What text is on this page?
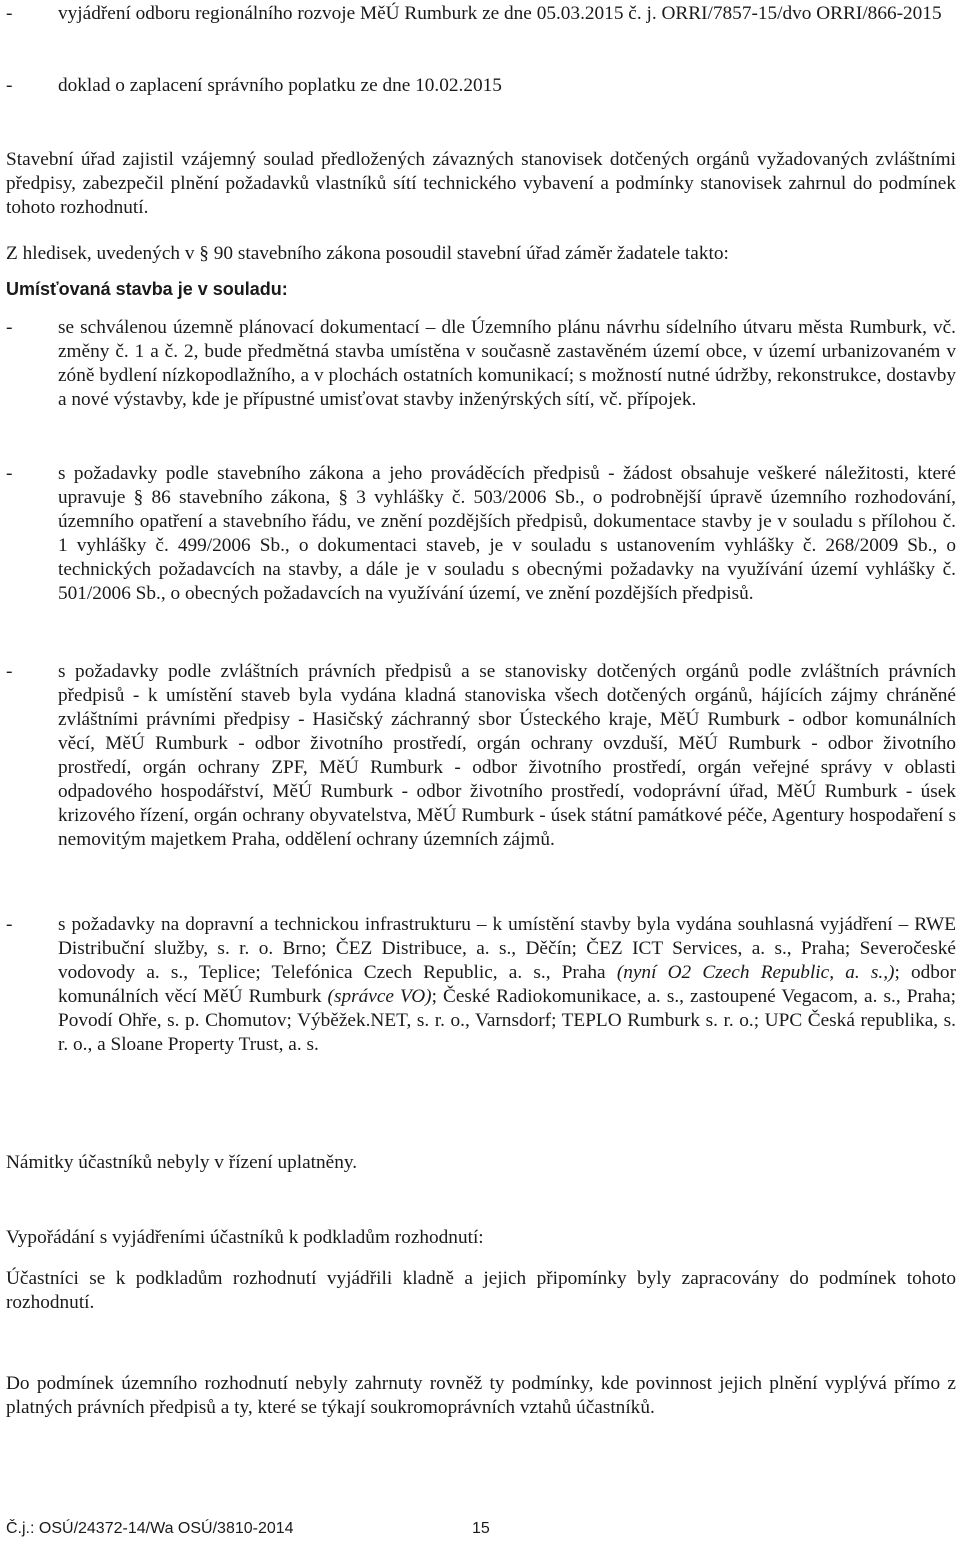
- vyjádření odboru regionálního rozvoje MěÚ Rumburk ze dne 05.03.2015 č. j. ORRI/7857-15/dvo ORRI/866-2015
- doklad o zaplacení správního poplatku ze dne 10.02.2015

Stavební úřad zajistil vzájemný soulad předložených závazných stanovisek dotčených orgánů vyžadovaných zvláštními předpisy, zabezpečil plnění požadavků vlastníků sítí technického vybavení a podmínky stanovisek zahrnul do podmínek tohoto rozhodnutí.

Z hledisek, uvedených v § 90 stavebního zákona posoudil stavební úřad záměr žadatele takto:

Umísťovaná stavba je v souladu:

- se schválenou územně plánovací dokumentací – dle Územního plánu návrhu sídelního útvaru města Rumburk, vč. změny č. 1 a č. 2, bude předmětná stavba umístěna v současně zastavěném území obce, v území urbanizovaném v zóně bydlení nízkopodlažního, a v plochách ostatních komunikací; s možností nutné údržby, rekonstrukce, dostavby a nové výstavby, kde je přípustné umisťovat stavby inženýrských sítí, vč. přípojek.
- s požadavky podle stavebního zákona a jeho prováděcích předpisů - žádost obsahuje veškeré náležitosti, které upravuje § 86 stavebního zákona, § 3 vyhlášky č. 503/2006 Sb., o podrobnější úpravě územního rozhodování, územního opatření a stavebního řádu, ve znění pozdějších předpisů, dokumentace stavby je v souladu s přílohou č. 1 vyhlášky č. 499/2006 Sb., o dokumentaci staveb, je v souladu s ustanovením vyhlášky č. 268/2009 Sb., o technických požadavcích na stavby, a dále je v souladu s obecnými požadavky na využívání území vyhlášky č. 501/2006 Sb., o obecných požadavcích na využívání území, ve znění pozdějších předpisů.
- s požadavky podle zvláštních právních předpisů a se stanovisky dotčených orgánů podle zvláštních právních předpisů - k umístění staveb byla vydána kladná stanoviska všech dotčených orgánů, hájících zájmy chráněné zvláštními právními předpisy - Hasičský záchranný sbor Ústeckého kraje, MěÚ Rumburk - odbor komunálních věcí, MěÚ Rumburk - odbor životního prostředí, orgán ochrany ovzduší, MěÚ Rumburk - odbor životního prostředí, orgán ochrany ZPF, MěÚ Rumburk - odbor životního prostředí, orgán veřejné správy v oblasti odpadového hospodářství, MěÚ Rumburk - odbor životního prostředí, vodoprávní úřad, MěÚ Rumburk - úsek krizového řízení, orgán ochrany obyvatelstva, MěÚ Rumburk - úsek státní památkové péče, Agentury hospodaření s nemovitým majetkem Praha, oddělení ochrany územních zájmů.
- s požadavky na dopravní a technickou infrastrukturu – k umístění stavby byla vydána souhlasná vyjádření – RWE Distribuční služby, s. r. o. Brno; ČEZ Distribuce, a. s., Děčín; ČEZ ICT Services, a. s., Praha; Severočeské vodovody a. s., Teplice; Telefónica Czech Republic, a. s., Praha (nyní O2 Czech Republic, a. s.,); odbor komunálních věcí MěÚ Rumburk (správce VO); České Radiokomunikace, a. s., zastoupené Vegacom, a. s., Praha; Povodí Ohře, s. p. Chomutov; Výběžek.NET, s. r. o., Varnsdorf; TEPLO Rumburk s. r. o.; UPC Česká republika, s. r. o., a Sloane Property Trust, a. s.

Námitky účastníků nebyly v řízení uplatněny.

Vypořádání s vyjádřeními účastníků k podkladům rozhodnutí:

Účastníci se k podkladům rozhodnutí vyjádřili kladně a jejich připomínky byly zapracovány do podmínek tohoto rozhodnutí.

Do podmínek územního rozhodnutí nebyly zahrnuty rovněž ty podmínky, kde povinnost jejich plnění vyplývá přímo z platných právních předpisů a ty, které se týkají soukromoprávních vztahů účastníků.

Č.j.: OSÚ/24372-14/Wa OSÚ/3810-2014	15
